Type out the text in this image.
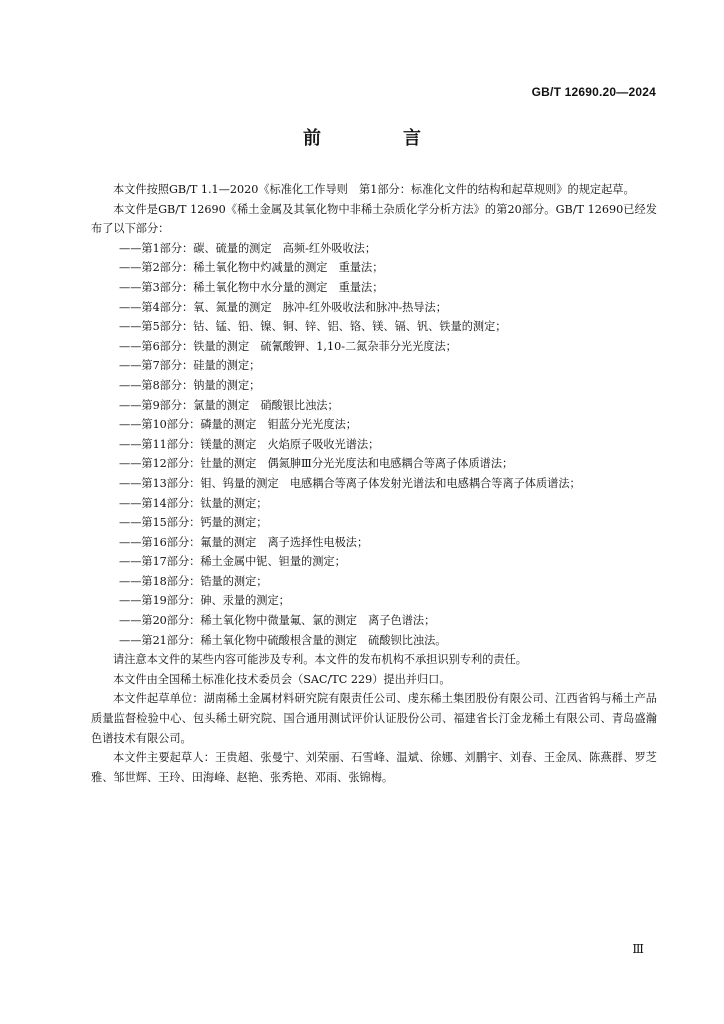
GB/T 12690.20—2024
前　言

本文件按照GB/T 1.1—2020《标准化工作导则　第1部分：标准化文件的结构和起草规则》的规定起草。

本文件是GB/T 12690《稀土金属及其氧化物中非稀土杂质化学分析方法》的第20部分。GB/T 12690已经发布了以下部分：

——第1部分：碳、硫量的测定　高频-红外吸收法；

——第2部分：稀土氧化物中灼减量的测定　重量法；

——第3部分：稀土氧化物中水分量的测定　重量法；

——第4部分：氧、氮量的测定　脉冲-红外吸收法和脉冲-热导法；

——第5部分：钴、锰、铅、镍、铜、锌、铝、铬、镁、镉、钒、铁量的测定；

——第6部分：铁量的测定　硫氰酸钾、1,10-二氮杂菲分光光度法；

——第7部分：硅量的测定；

——第8部分：钠量的测定；

——第9部分：氯量的测定　硝酸银比浊法；

——第10部分：磷量的测定　钼蓝分光光度法；

——第11部分：镁量的测定　火焰原子吸收光谱法；

——第12部分：钍量的测定　偶氮胂Ⅲ分光光度法和电感耦合等离子体质谱法；

——第13部分：钼、钨量的测定　电感耦合等离子体发射光谱法和电感耦合等离子体质谱法；

——第14部分：钛量的测定；

——第15部分：钙量的测定；

——第16部分：氟量的测定　离子选择性电极法；

——第17部分：稀土金属中铌、钽量的测定；

——第18部分：锆量的测定；

——第19部分：砷、汞量的测定；

——第20部分：稀土氧化物中微量氟、氯的测定　离子色谱法；

——第21部分：稀土氧化物中硫酸根含量的测定　硫酸钡比浊法。

请注意本文件的某些内容可能涉及专利。本文件的发布机构不承担识别专利的责任。

本文件由全国稀土标准化技术委员会（SAC/TC 229）提出并归口。

本文件起草单位：湖南稀土金属材料研究院有限责任公司、虔东稀土集团股份有限公司、江西省钨与稀土产品质量监督检验中心、包头稀土研究院、国合通用测试评价认证股份公司、福建省长汀金龙稀土有限公司、青岛盛瀚色谱技术有限公司。

本文件主要起草人：王贵超、张曼宁、刘荣丽、石雪峰、温斌、徐娜、刘鹏宇、刘春、王金凤、陈燕群、罗芝雅、邹世辉、王玲、田海峰、赵艳、张秀艳、邓雨、张锦梅。

Ⅲ
